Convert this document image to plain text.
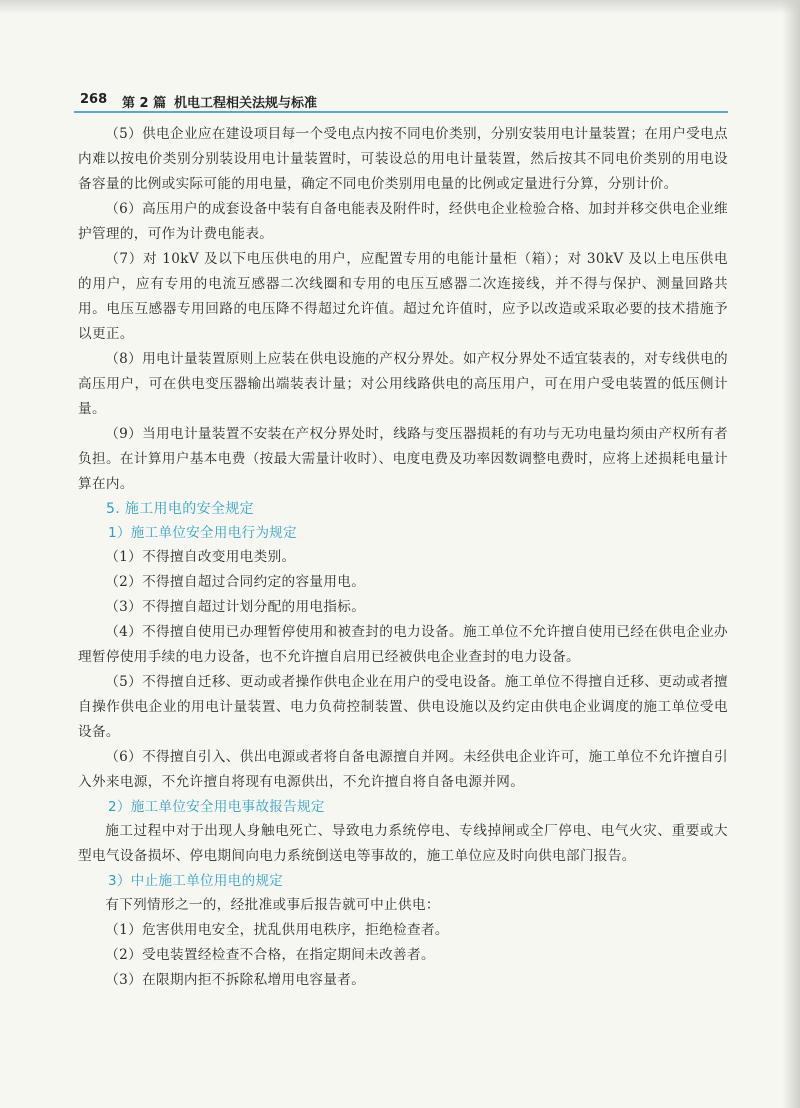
268 第 2 篇 机电工程相关法规与标准

（5）供电企业应在建设项目每一个受电点内按不同电价类别，分别安装用电计量装置；在用户受电点内难以按电价类别分别装设用电计量装置时，可装设总的用电计量装置，然后按其不同电价类别的用电设备容量的比例或实际可能的用电量，确定不同电价类别用电量的比例或定量进行分算，分别计价。

（6）高压用户的成套设备中装有自备电能表及附件时，经供电企业检验合格、加封并移交供电企业维护管理的，可作为计费电能表。

（7）对 10kV 及以下电压供电的用户，应配置专用的电能计量柜（箱）；对 30kV 及以上电压供电的用户，应有专用的电流互感器二次线圈和专用的电压互感器二次连接线，并不得与保护、测量回路共用。电压互感器专用回路的电压降不得超过允许值。超过允许值时，应予以改造或采取必要的技术措施予以更正。

（8）用电计量装置原则上应装在供电设施的产权分界处。如产权分界处不适宜装表的，对专线供电的高压用户，可在供电变压器输出端装表计量；对公用线路供电的高压用户，可在用户受电装置的低压侧计量。

（9）当用电计量装置不安装在产权分界处时，线路与变压器损耗的有功与无功电量均须由产权所有者负担。在计算用户基本电费（按最大需量计收时）、电度电费及功率因数调整电费时，应将上述损耗电量计算在内。

5. 施工用电的安全规定
1）施工单位安全用电行为规定

（1）不得擅自改变用电类别。

（2）不得擅自超过合同约定的容量用电。

（3）不得擅自超过计划分配的用电指标。

（4）不得擅自使用已办理暂停使用和被查封的电力设备。施工单位不允许擅自使用已经在供电企业办理暂停使用手续的电力设备，也不允许擅自启用已经被供电企业查封的电力设备。

（5）不得擅自迁移、更动或者操作供电企业在用户的受电设备。施工单位不得擅自迁移、更动或者擅自操作供电企业的用电计量装置、电力负荷控制装置、供电设施以及约定由供电企业调度的施工单位受电设备。

（6）不得擅自引入、供出电源或者将自备电源擅自并网。未经供电企业许可，施工单位不允许擅自引入外来电源，不允许擅自将现有电源供出，不允许擅自将自备电源并网。

2）施工单位安全用电事故报告规定

施工过程中对于出现人身触电死亡、导致电力系统停电、专线掉闸或全厂停电、电气火灾、重要或大型电气设备损坏、停电期间向电力系统倒送电等事故的，施工单位应及时向供电部门报告。

3）中止施工单位用电的规定

有下列情形之一的，经批准或事后报告就可中止供电：

（1）危害供用电安全，扰乱供用电秩序，拒绝检查者。

（2）受电装置经检查不合格，在指定期间未改善者。

（3）在限期内拒不拆除私增用电容量者。
